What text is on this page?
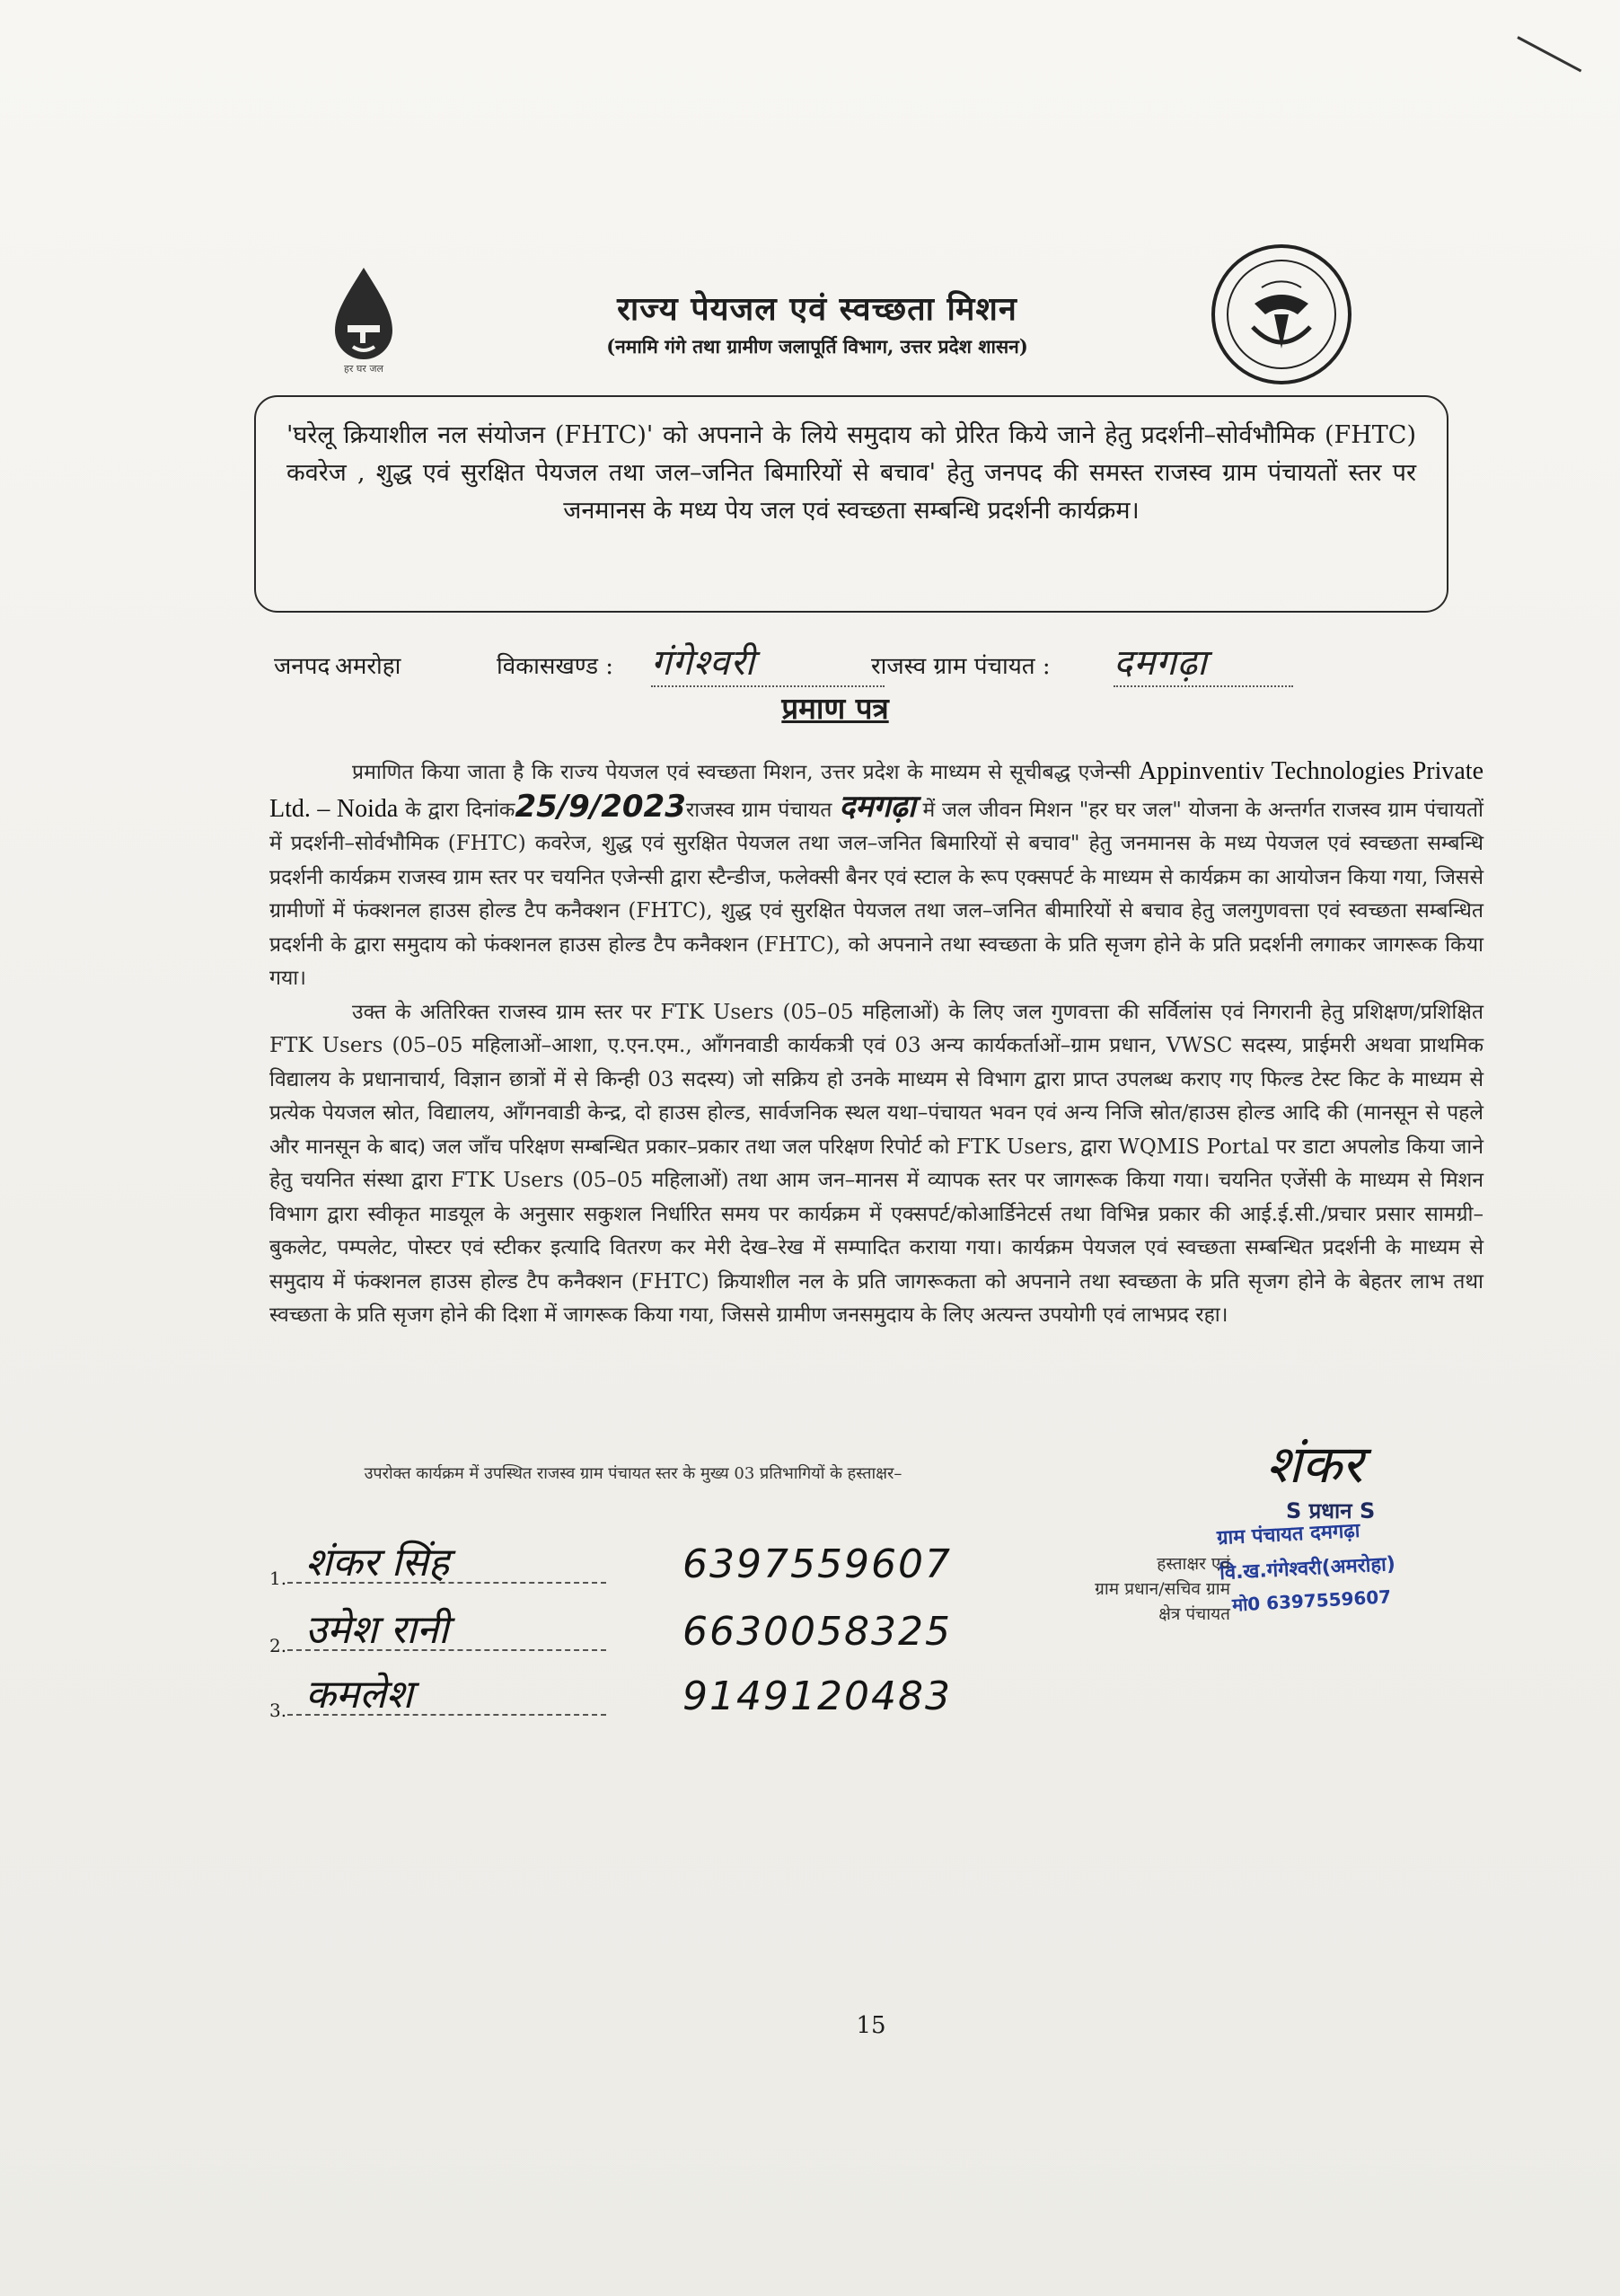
हर घर जल
राज्य पेयजल एवं स्वच्छता मिशन
(नमामि गंगे तथा ग्रामीण जलापूर्ति विभाग, उत्तर प्रदेश शासन)
'घरेलू क्रियाशील नल संयोजन (FHTC)' को अपनाने के लिये समुदाय को प्रेरित किये जाने हेतु प्रदर्शनी–सोर्वभौमिक (FHTC) कवरेज , शुद्ध एवं सुरक्षित पेयजल तथा जल–जनित बिमारियों से बचाव' हेतु जनपद की समस्त राजस्व ग्राम पंचायतों स्तर पर जनमानस के मध्य पेय जल एवं स्वच्छता सम्बन्धि प्रदर्शनी कार्यक्रम।
जनपद अमरोहा	विकासखण्ड : गंगेश्वरी	राजस्व ग्राम पंचायत : दमगढ़ा
प्रमाण पत्र

प्रमाणित किया जाता है कि राज्य पेयजल एवं स्वच्छता मिशन, उत्तर प्रदेश के माध्यम से सूचीबद्ध एजेन्सी Appinventiv Technologies Private Ltd. – Noida के द्वारा दिनांक25/9/2023राजस्व ग्राम पंचायत दमगढ़ा में जल जीवन मिशन "हर घर जल" योजना के अन्तर्गत राजस्व ग्राम पंचायतों में प्रदर्शनी–सोर्वभौमिक (FHTC) कवरेज, शुद्ध एवं सुरक्षित पेयजल तथा जल–जनित बिमारियों से बचाव" हेतु जनमानस के मध्य पेयजल एवं स्वच्छता सम्बन्धि प्रदर्शनी कार्यक्रम राजस्व ग्राम स्तर पर चयनित एजेन्सी द्वारा स्टैन्डीज, फलेक्सी बैनर एवं स्टाल के रूप एक्सपर्ट के माध्यम से कार्यक्रम का आयोजन किया गया, जिससे ग्रामीणों में फंक्शनल हाउस होल्ड टैप कनैक्शन (FHTC), शुद्ध एवं सुरक्षित पेयजल तथा जल–जनित बीमारियों से बचाव हेतु जलगुणवत्ता एवं स्वच्छता सम्बन्धित प्रदर्शनी के द्वारा समुदाय को फंक्शनल हाउस होल्ड टैप कनैक्शन (FHTC), को अपनाने तथा स्वच्छता के प्रति सृजग होने के प्रति प्रदर्शनी लगाकर जागरूक किया गया।

उक्त के अतिरिक्त राजस्व ग्राम स्तर पर FTK Users (05–05 महिलाओं) के लिए जल गुणवत्ता की सर्विलांस एवं निगरानी हेतु प्रशिक्षण/प्रशिक्षित FTK Users (05–05 महिलाओं–आशा, ए.एन.एम., आँगनवाडी कार्यकत्री एवं 03 अन्य कार्यकर्ताओं–ग्राम प्रधान, VWSC सदस्य, प्राईमरी अथवा प्राथमिक विद्यालय के प्रधानाचार्य, विज्ञान छात्रों में से किन्ही 03 सदस्य) जो सक्रिय हो उनके माध्यम से विभाग द्वारा प्राप्त उपलब्ध कराए गए फिल्ड टेस्ट किट के माध्यम से प्रत्येक पेयजल स्रोत, विद्यालय, आँगनवाडी केन्द्र, दो हाउस होल्ड, सार्वजनिक स्थल यथा–पंचायत भवन एवं अन्य निजि स्रोत/हाउस होल्ड आदि की (मानसून से पहले और मानसून के बाद) जल जाँच परिक्षण सम्बन्धित प्रकार–प्रकार तथा जल परिक्षण रिपोर्ट को FTK Users, द्वारा WQMIS Portal पर डाटा अपलोड किया जाने हेतु चयनित संस्था द्वारा FTK Users (05–05 महिलाओं) तथा आम जन–मानस में व्यापक स्तर पर जागरूक किया गया। चयनित एजेंसी के माध्यम से मिशन विभाग द्वारा स्वीकृत माडयूल के अनुसार सकुशल निर्धारित समय पर कार्यक्रम में एक्सपर्ट/कोआर्डिनेटर्स तथा विभिन्न प्रकार की आई.ई.सी./प्रचार प्रसार सामग्री–बुकलेट, पम्पलेट, पोस्टर एवं स्टीकर इत्यादि वितरण कर मेरी देख–रेख में सम्पादित कराया गया। कार्यक्रम पेयजल एवं स्वच्छता सम्बन्धित प्रदर्शनी के माध्यम से समुदाय में फंक्शनल हाउस होल्ड टैप कनैक्शन (FHTC) क्रियाशील नल के प्रति जागरूकता को अपनाने तथा स्वच्छता के प्रति सृजग होने के बेहतर लाभ तथा स्वच्छता के प्रति सृजग होने की दिशा में जागरूक किया गया, जिससे ग्रामीण जनसमुदाय के लिए अत्यन्त उपयोगी एवं लाभप्रद रहा।

उपरोक्त कार्यक्रम में उपस्थित राजस्व ग्राम पंचायत स्तर के मुख्य 03 प्रतिभागियों के हस्ताक्षर–
1. शंकर सिंह	6397559607
2. उमेश रानी	6630058325
3. कमलेश	9149120483
शंकर
S प्रधान S
ग्राम पंचायत दमगढ़ा
वि.ख.गंगेश्वरी(अमरोहा)
मो0 6397559607
हस्ताक्षर एवं
ग्राम प्रधान/सचिव ग्राम
क्षेत्र पंचायत
15
